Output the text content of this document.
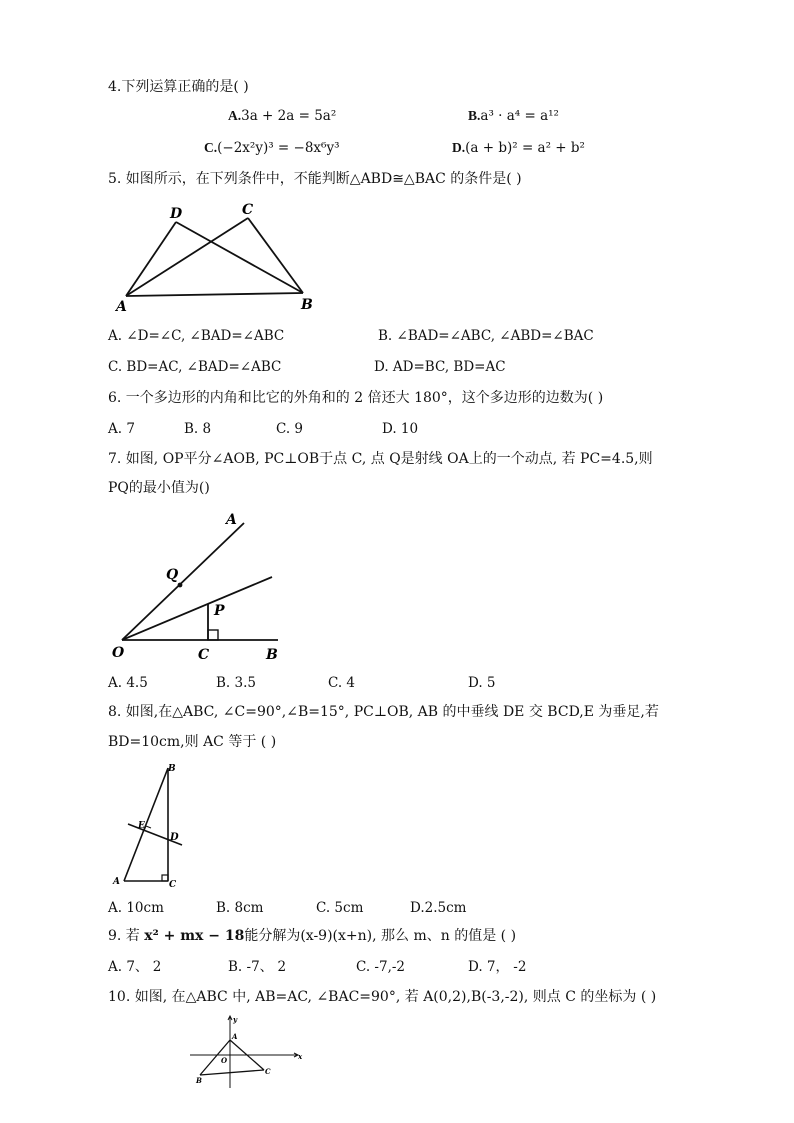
4.下列运算正确的是( )
A.3a + 2a = 5a²	B.a³ · a⁴ = a¹²
C.(−2x²y)³ = −8x⁶y³	D.(a + b)² = a² + b²
5. 如图所示，在下列条件中，不能判断△ABD≅△BAC 的条件是( )
D	C
A	B
A. ∠D=∠C, ∠BAD=∠ABC	B. ∠BAD=∠ABC, ∠ABD=∠BAC
C. BD=AC, ∠BAD=∠ABC	D. AD=BC, BD=AC
6. 一个多边形的内角和比它的外角和的 2 倍还大 180°，这个多边形的边数为( )
A. 7	B. 8	C. 9	D. 10
7. 如图, OP平分∠AOB, PC⊥OB于点 C, 点 Q是射线 OA上的一个动点, 若 PC=4.5,则
PQ的最小值为()
A
Q
P
O	C	B
A. 4.5	B. 3.5	C. 4	D. 5
8. 如图,在△ABC, ∠C=90°,∠B=15°, PC⊥OB, AB 的中垂线 DE 交 BCD,E 为垂足,若
BD=10cm,则 AC 等于 ( )
B
E
D
A	C
A. 10cm	B. 8cm	C. 5cm	D.2.5cm
9. 若 x² + mx − 18能分解为(x-9)(x+n), 那么 m、n 的值是 ( )
A. 7、 2	B. -7、 2	C. -7,-2	D. 7， -2
10. 如图, 在△ABC 中, AB=AC, ∠BAC=90°, 若 A(0,2),B(-3,-2), 则点 C 的坐标为 ( )
y
A
O	x
B
C
